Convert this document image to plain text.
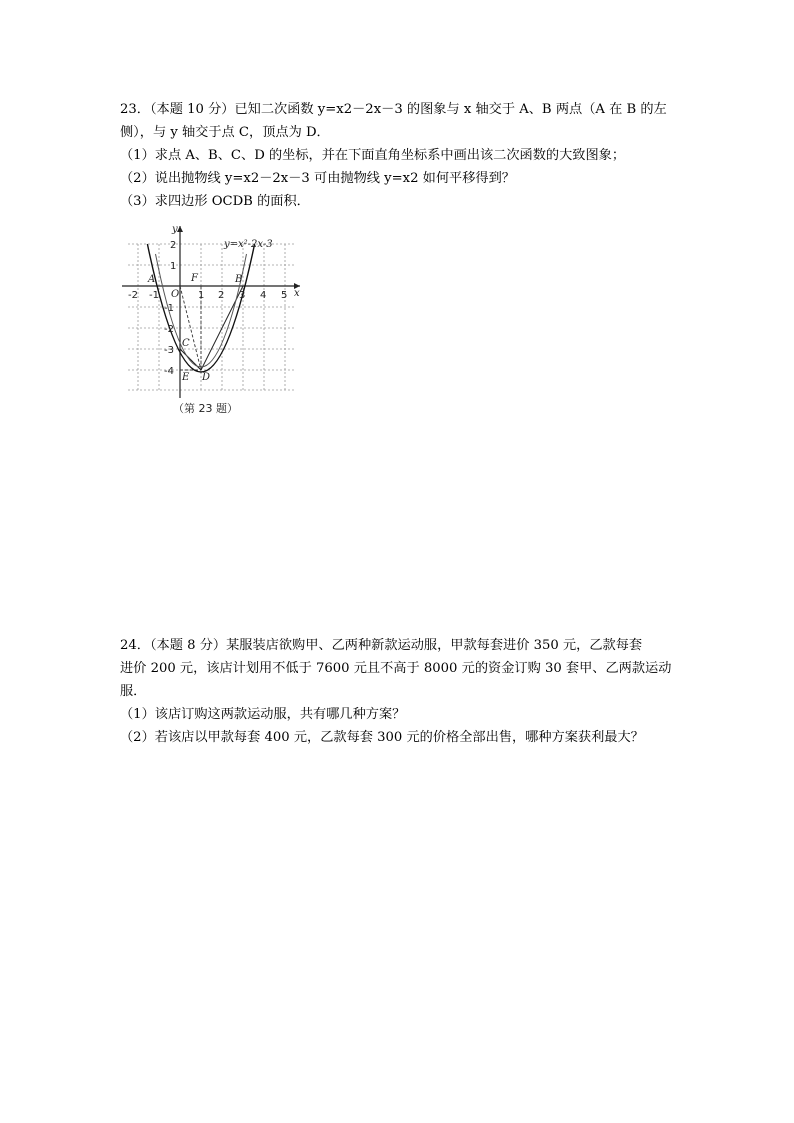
23．（本题 10 分）已知二次函数 y=x2－2x－3 的图象与 x 轴交于 A、B 两点（A 在 B 的左

侧），与 y 轴交于点 C，顶点为 D．

（1）求点 A、B、C、D 的坐标，并在下面直角坐标系中画出该二次函数的大致图象；

（2）说出抛物线 y=x2－2x－3 可由抛物线 y=x2 如何平移得到？

（3）求四边形 OCDB 的面积．

-2 -1	1 2 3 4 5
2
1
-1
-2
-3
-4
x
y
A	B
C
D
E
F
O
y=x²-2x-3
（第 23 题）

24．（本题 8 分）某服装店欲购甲、乙两种新款运动服，甲款每套进价 350 元，乙款每套

进价 200 元，该店计划用不低于 7600 元且不高于 8000 元的资金订购 30 套甲、乙两款运动

服．

（1）该店订购这两款运动服，共有哪几种方案？

（2）若该店以甲款每套 400 元，乙款每套 300 元的价格全部出售，哪种方案获利最大？
